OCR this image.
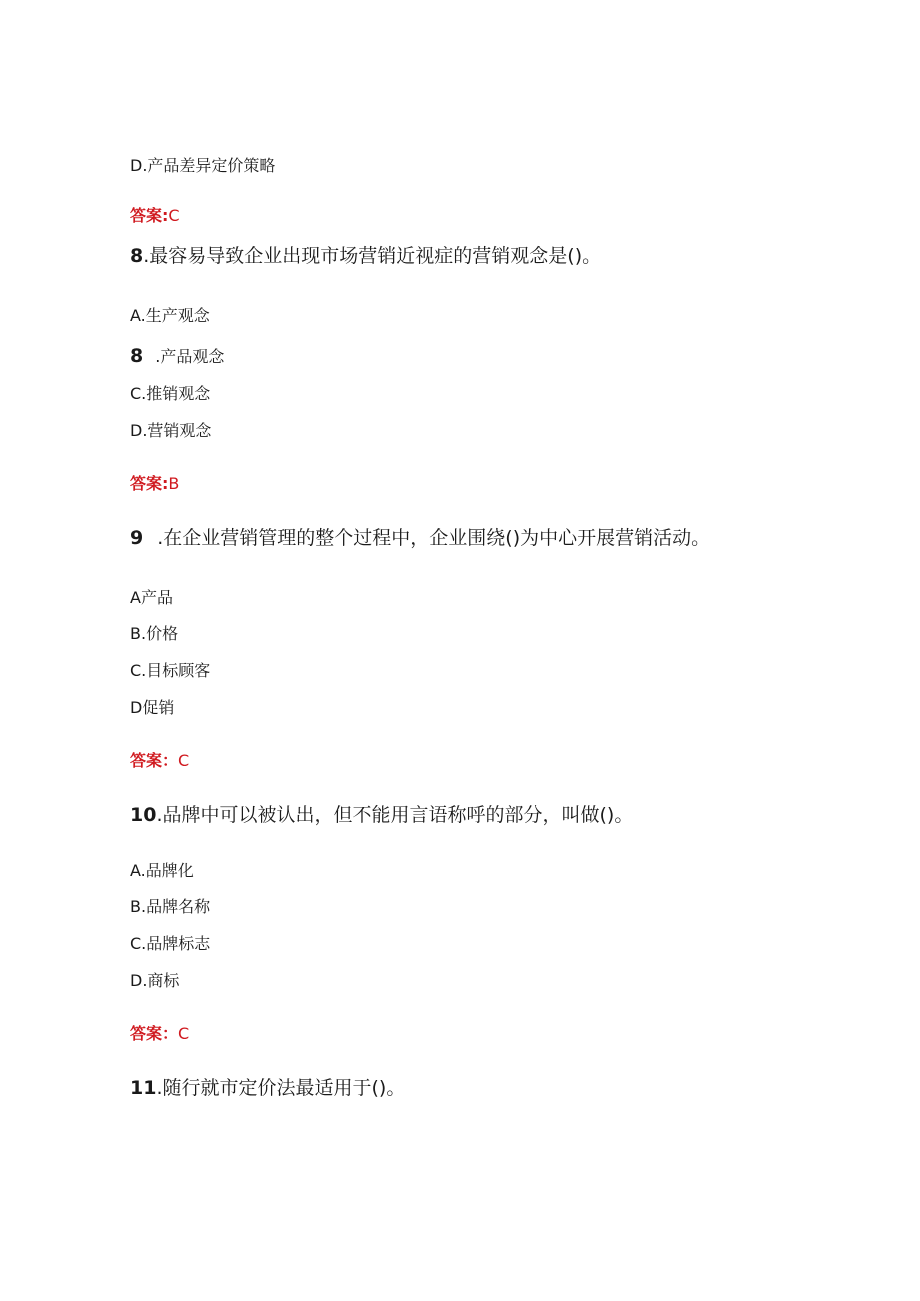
D.产品差异定价策略
答案:C
8.最容易导致企业出现市场营销近视症的营销观念是()。
A.生产观念
8 .产品观念
C.推销观念
D.营销观念
答案:B
9 .在企业营销管理的整个过程中，企业围绕()为中心开展营销活动。
A产品
B.价格
C.目标顾客
D促销
答案：C
10.品牌中可以被认出，但不能用言语称呼的部分，叫做()。
A.品牌化
B.品牌名称
C.品牌标志
D.商标
答案：C
11.随行就市定价法最适用于()。
